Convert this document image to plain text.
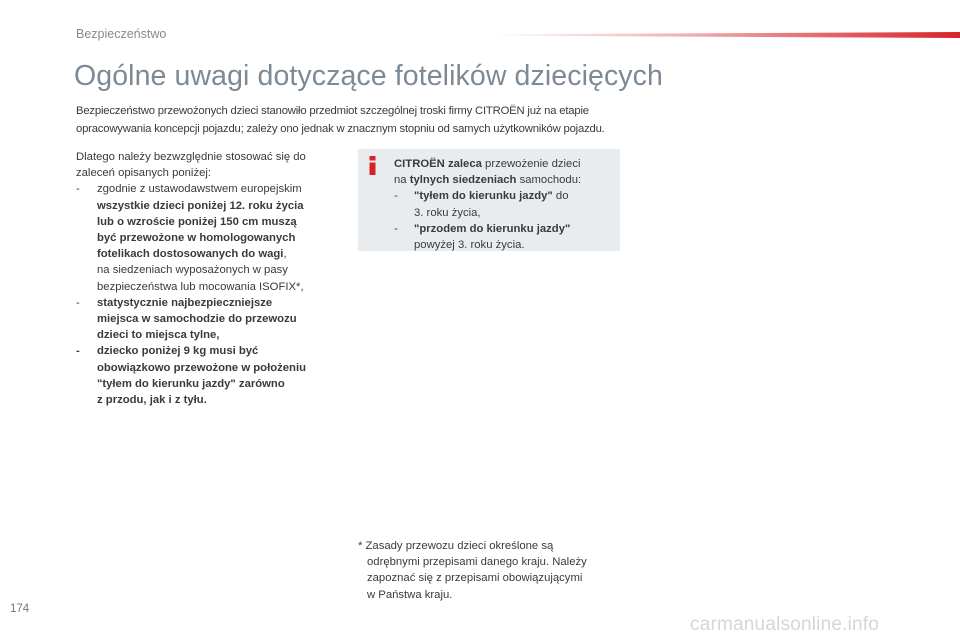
Bezpieczeństwo
Ogólne uwagi dotyczące fotelików dziecięcych
Bezpieczeństwo przewożonych dzieci stanowiło przedmiot szczególnej troski firmy CITROËN już na etapie
opracowywania koncepcji pojazdu; zależy ono jednak w znacznym stopniu od samych użytkowników pojazdu.
Dlatego należy bezwzględnie stosować się do
zaleceń opisanych poniżej:
-	zgodnie z ustawodawstwem europejskim
wszystkie dzieci poniżej 12. roku życia
lub o wzroście poniżej 150 cm muszą
być przewożone w homologowanych
fotelikach dostosowanych do wagi,
na siedzeniach wyposażonych w pasy
bezpieczeństwa lub mocowania ISOFIX*,
-	statystycznie najbezpieczniejsze
miejsca w samochodzie do przewozu
dzieci to miejsca tylne,
-	dziecko poniżej 9 kg musi być
obowiązkowo przewożone w położeniu
"tyłem do kierunku jazdy" zarówno
z przodu, jak i z tyłu.
CITROËN zaleca przewożenie dzieci
na tylnych siedzeniach samochodu:
-	"tyłem do kierunku jazdy" do
3. roku życia,
-	"przodem do kierunku jazdy"
powyżej 3. roku życia.
* Zasady przewozu dzieci określone są
odrębnymi przepisami danego kraju. Należy
zapoznać się z przepisami obowiązującymi
w Państwa kraju.
174
carmanualsonline.info
